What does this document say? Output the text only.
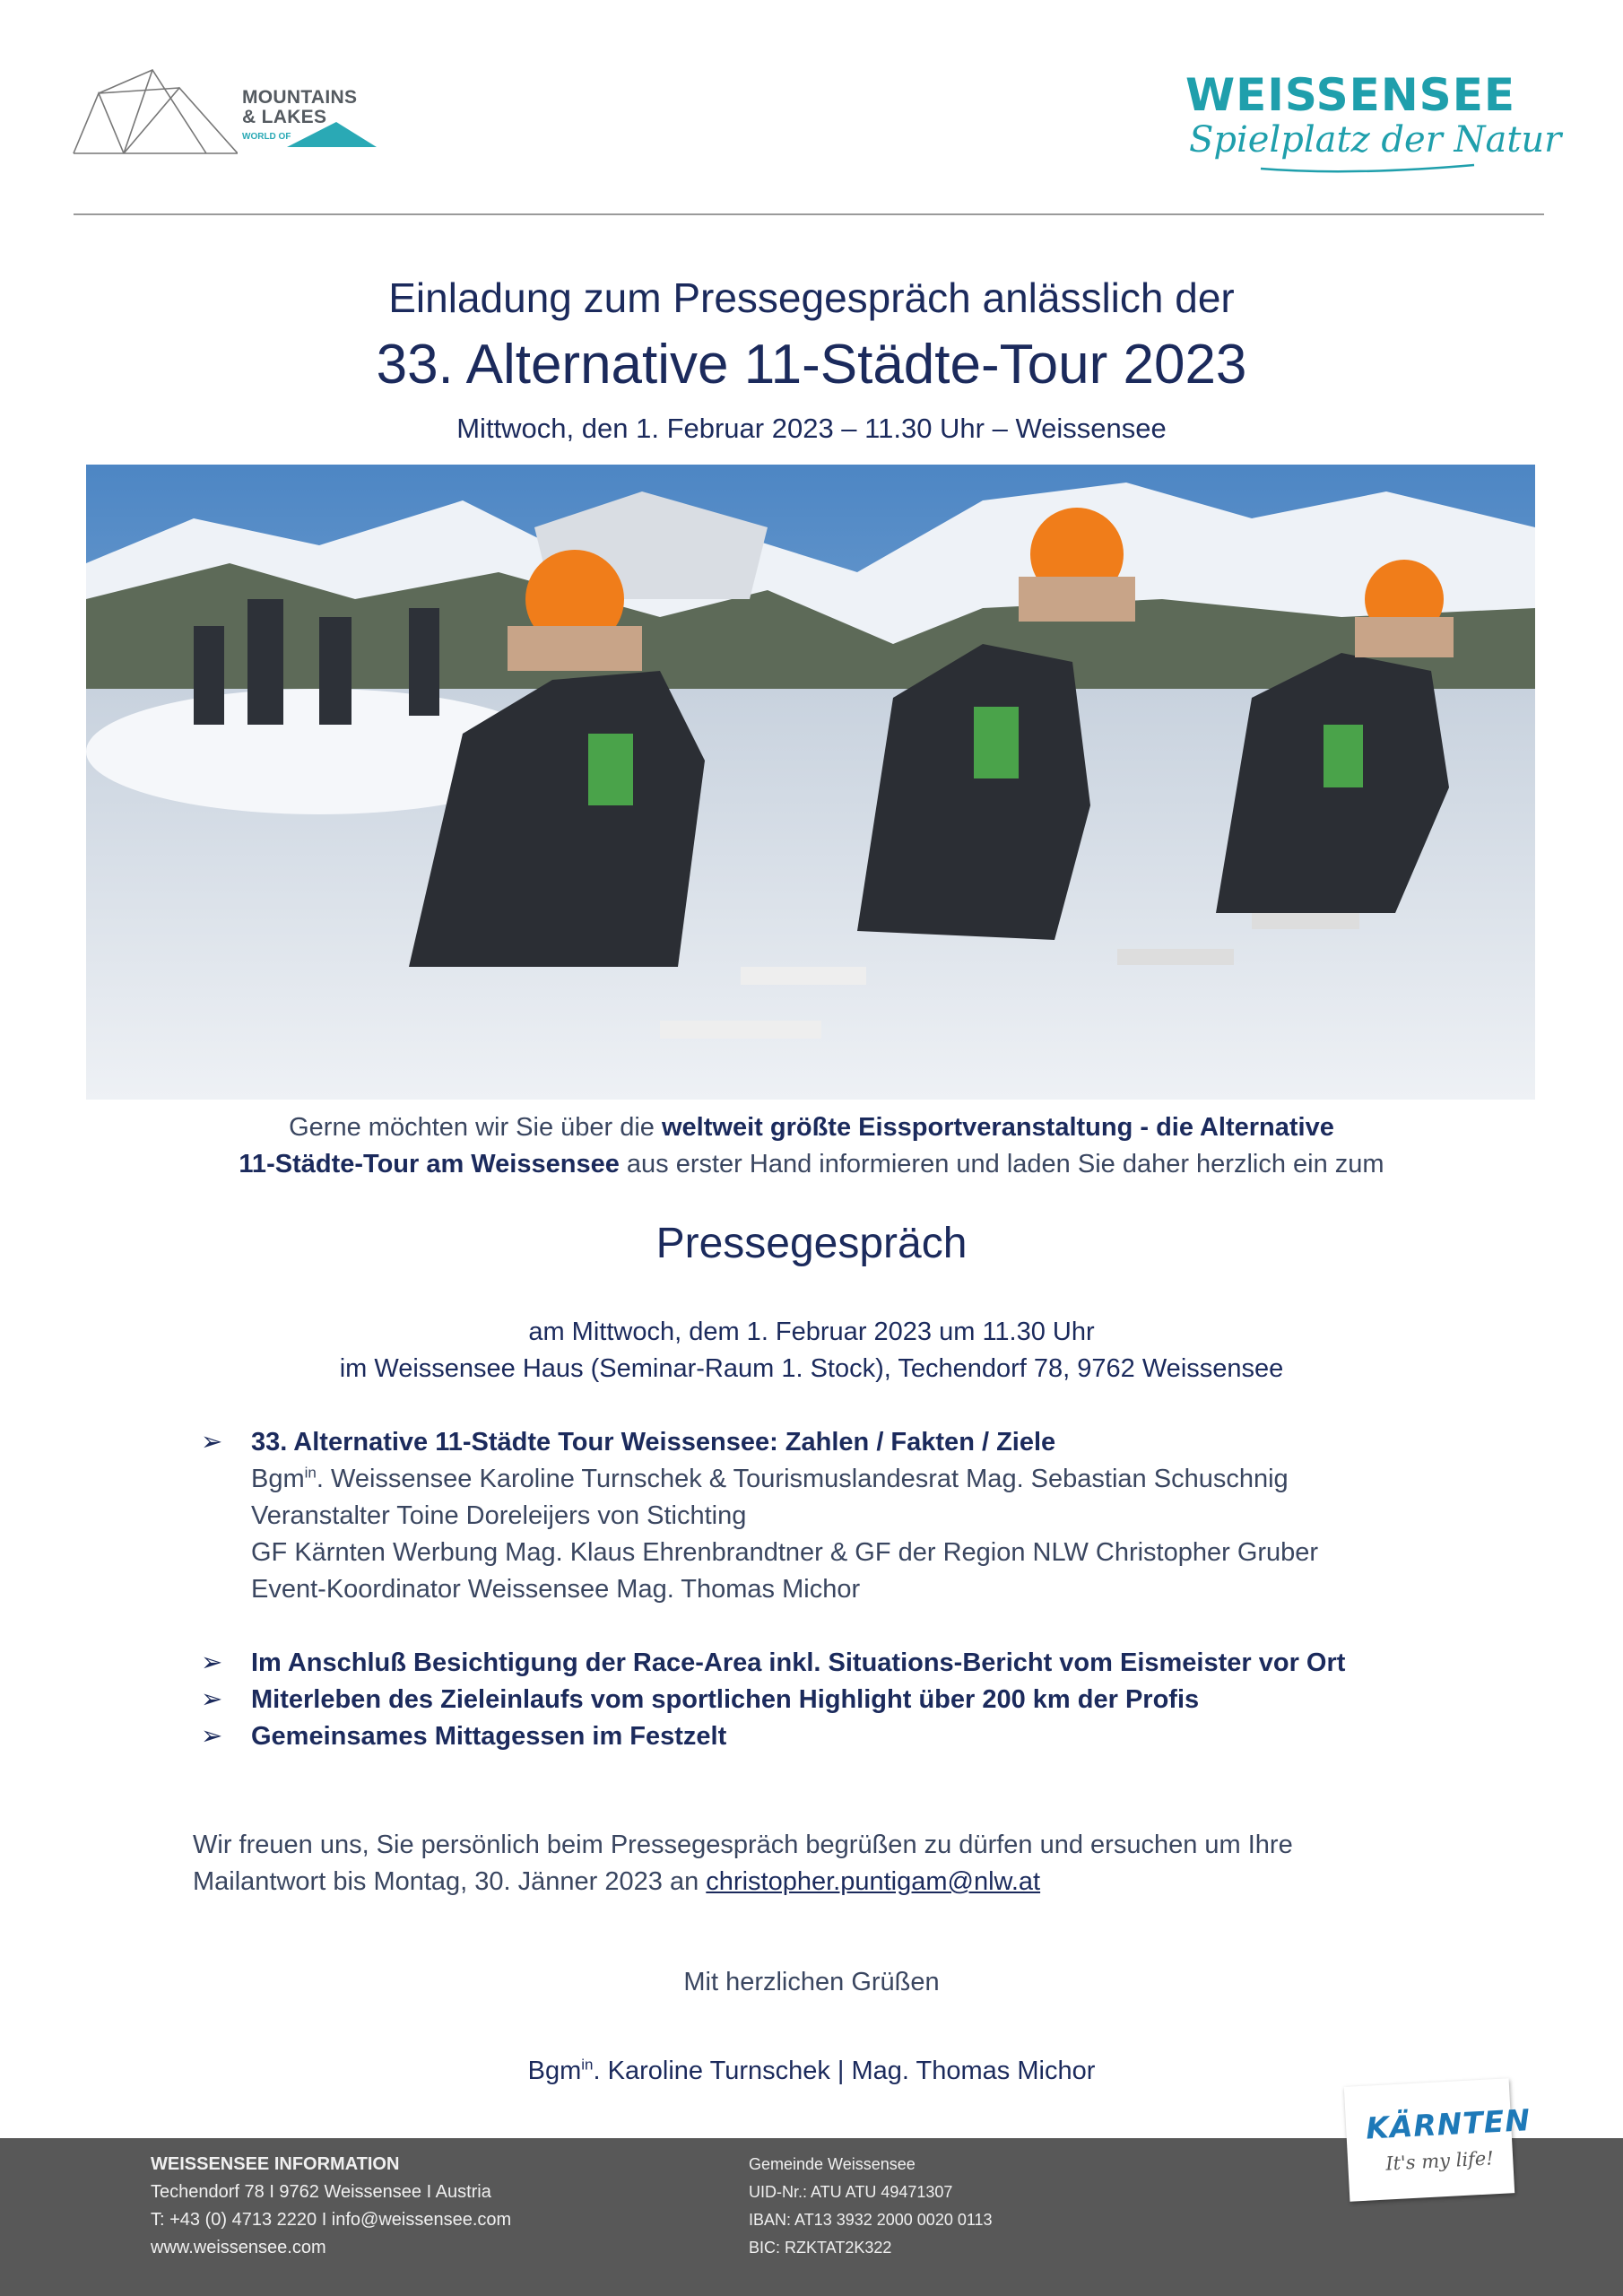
MOUNTAINS
& LAKES
WORLD OF
WEISSENSEE
Spielplatz der Natur
Einladung zum Pressegespräch anlässlich der
33. Alternative 11-Städte-Tour 2023
Mittwoch, den 1. Februar 2023 – 11.30 Uhr – Weissensee
Gerne möchten wir Sie über die weltweit größte Eissportveranstaltung - die Alternative
11-Städte-Tour am Weissensee aus erster Hand informieren und laden Sie daher herzlich ein zum
Pressegespräch
am Mittwoch, dem 1. Februar 2023 um 11.30 Uhr
im Weissensee Haus (Seminar-Raum 1. Stock), Techendorf 78, 9762 Weissensee
➢ 33. Alternative 11-Städte Tour Weissensee: Zahlen / Fakten / Ziele
Bgm$^{in}$. Weissensee Karoline Turnschek & Tourismuslandesrat Mag. Sebastian Schuschnig
Veranstalter Toine Doreleijers von Stichting
GF Kärnten Werbung Mag. Klaus Ehrenbrandtner & GF der Region NLW Christopher Gruber
Event-Koordinator Weissensee Mag. Thomas Michor
➢ Im Anschluß Besichtigung der Race-Area inkl. Situations-Bericht vom Eismeister vor Ort
➢ Miterleben des Zieleinlaufs vom sportlichen Highlight über 200 km der Profis
➢ Gemeinsames Mittagessen im Festzelt
Wir freuen uns, Sie persönlich beim Pressegespräch begrüßen zu dürfen und ersuchen um Ihre
Mailantwort bis Montag, 30. Jänner 2023 an christopher.puntigam@nlw.at
Mit herzlichen Grüßen
Bgm$^{in}$. Karoline Turnschek | Mag. Thomas Michor
WEISSENSEE INFORMATION
Techendorf 78 I 9762 Weissensee I Austria
T: +43 (0) 4713 2220 I info@weissensee.com
www.weissensee.com
Gemeinde Weissensee
UID-Nr.: ATU ATU 49471307
IBAN: AT13 3932 2000 0020 0113
BIC: RZKTAT2K322
KÄRNTEN
It's my life!
